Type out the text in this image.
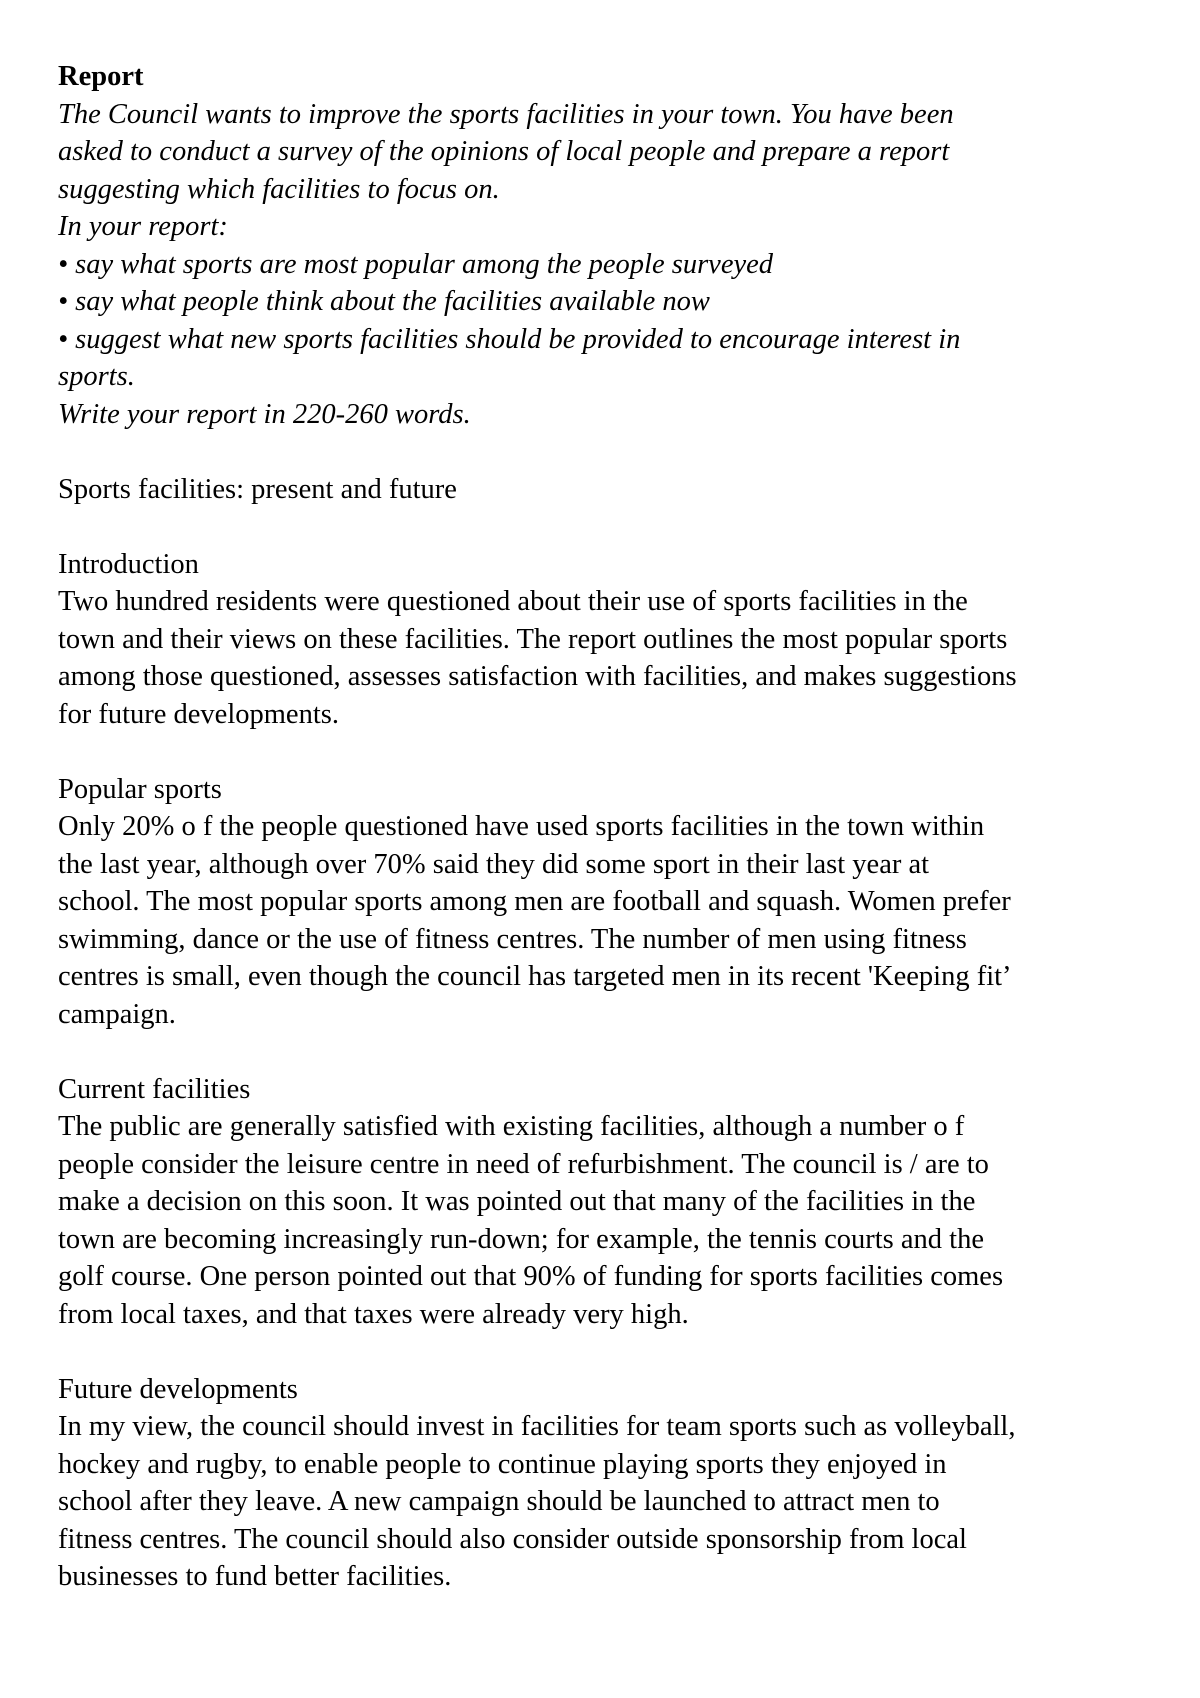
Report

The Council wants to improve the sports facilities in your town. You have been

asked to conduct a survey of the opinions of local people and prepare a report

suggesting which facilities to focus on.

In your report:

• say what sports are most popular among the people surveyed

• say what people think about the facilities available now

• suggest what new sports facilities should be provided to encourage interest in

sports.

Write your report in 220-260 words.

Sports facilities: present and future

Introduction

Two hundred residents were questioned about their use of sports facilities in the

town and their views on these facilities. The report outlines the most popular sports

among those questioned, assesses satisfaction with facilities, and makes suggestions

for future developments.

Popular sports

Only 20% o f the people questioned have used sports facilities in the town within

the last year, although over 70% said they did some sport in their last year at

school. The most popular sports among men are football and squash. Women prefer

swimming, dance or the use of fitness centres. The number of men using fitness

centres is small, even though the council has targeted men in its recent 'Keeping fit’

campaign.

Current facilities

The public are generally satisfied with existing facilities, although a number o f

people consider the leisure centre in need of refurbishment. The council is / are to

make a decision on this soon. It was pointed out that many of the facilities in the

town are becoming increasingly run-down; for example, the tennis courts and the

golf course. One person pointed out that 90% of funding for sports facilities comes

from local taxes, and that taxes were already very high.

Future developments

In my view, the council should invest in facilities for team sports such as volleyball,

hockey and rugby, to enable people to continue playing sports they enjoyed in

school after they leave. A new campaign should be launched to attract men to

fitness centres. The council should also consider outside sponsorship from local

businesses to fund better facilities.
